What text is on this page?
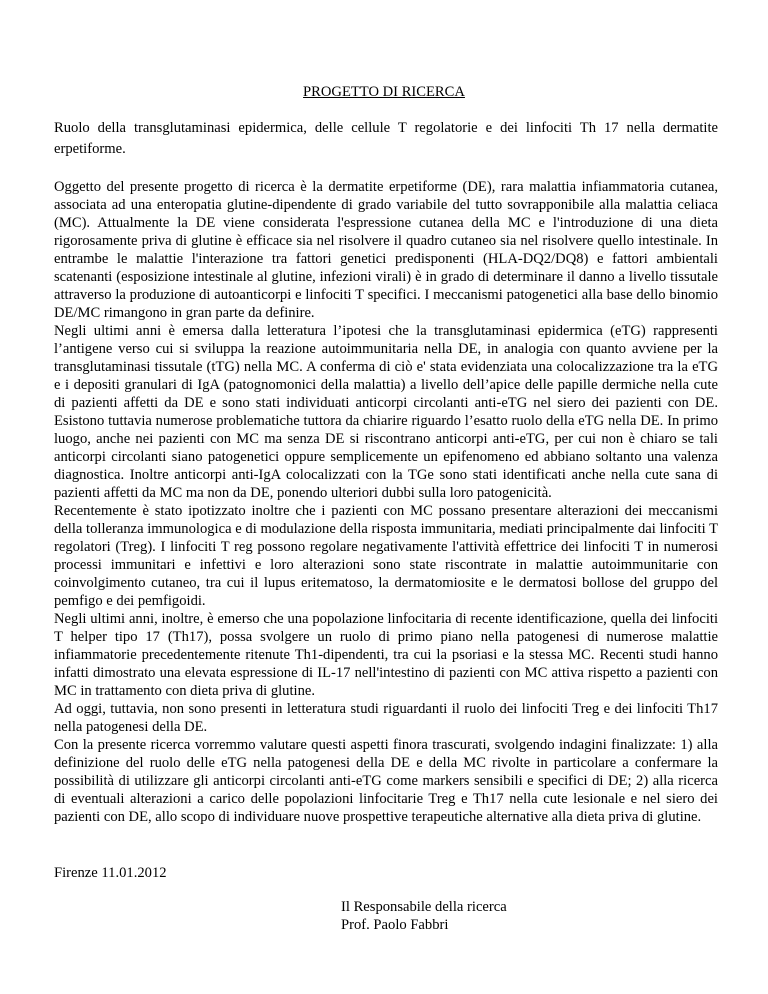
PROGETTO DI RICERCA
Ruolo della transglutaminasi epidermica, delle cellule T regolatorie e dei linfociti Th 17 nella dermatite erpetiforme.

Oggetto del presente progetto di ricerca è la dermatite erpetiforme (DE), rara malattia infiammatoria cutanea, associata ad una enteropatia glutine-dipendente di grado variabile del tutto sovrapponibile alla malattia celiaca (MC). Attualmente la DE viene considerata l'espressione cutanea della MC e l'introduzione di una dieta rigorosamente priva di glutine è efficace sia nel risolvere il quadro cutaneo sia nel risolvere quello intestinale. In entrambe le malattie l'interazione tra fattori genetici predisponenti (HLA-DQ2/DQ8) e fattori ambientali scatenanti (esposizione intestinale al glutine, infezioni virali) è in grado di determinare il danno a livello tissutale attraverso la produzione di autoanticorpi e linfociti T specifici. I meccanismi patogenetici alla base dello binomio DE/MC rimangono in gran parte da definire.

Negli ultimi anni è emersa dalla letteratura l’ipotesi che la transglutaminasi epidermica (eTG) rappresenti l’antigene verso cui si sviluppa la reazione autoimmunitaria nella DE, in analogia con quanto avviene per la transglutaminasi tissutale (tTG) nella MC. A conferma di ciò e' stata evidenziata una colocalizzazione tra la eTG e i depositi granulari di IgA (patognomonici della malattia) a livello dell’apice delle papille dermiche nella cute di pazienti affetti da DE e sono stati individuati anticorpi circolanti anti-eTG nel siero dei pazienti con DE. Esistono tuttavia numerose problematiche tuttora da chiarire riguardo l’esatto ruolo della eTG nella DE. In primo luogo, anche nei pazienti con MC ma senza DE si riscontrano anticorpi anti-eTG, per cui non è chiaro se tali anticorpi circolanti siano patogenetici oppure semplicemente un epifenomeno ed abbiano soltanto una valenza diagnostica. Inoltre anticorpi anti-IgA colocalizzati con la TGe sono stati identificati anche nella cute sana di pazienti affetti da MC ma non da DE, ponendo ulteriori dubbi sulla loro patogenicità.

Recentemente è stato ipotizzato inoltre che i pazienti con MC possano presentare alterazioni dei meccanismi della tolleranza immunologica e di modulazione della risposta immunitaria, mediati principalmente dai linfociti T regolatori (Treg). I linfociti T reg possono regolare negativamente l'attività effettrice dei linfociti T in numerosi processi immunitari e infettivi e loro alterazioni sono state riscontrate in malattie autoimmunitarie con coinvolgimento cutaneo, tra cui il lupus eritematoso, la dermatomiosite e le dermatosi bollose del gruppo del pemfigo e dei pemfigoidi.

Negli ultimi anni, inoltre, è emerso che una popolazione linfocitaria di recente identificazione, quella dei linfociti T helper tipo 17 (Th17), possa svolgere un ruolo di primo piano nella patogenesi di numerose malattie infiammatorie precedentemente ritenute Th1-dipendenti, tra cui la psoriasi e la stessa MC. Recenti studi hanno infatti dimostrato una elevata espressione di IL-17 nell'intestino di pazienti con MC attiva rispetto a pazienti con MC in trattamento con dieta priva di glutine.

Ad oggi, tuttavia, non sono presenti in letteratura studi riguardanti il ruolo dei linfociti Treg e dei linfociti Th17 nella patogenesi della DE.

Con la presente ricerca vorremmo valutare questi aspetti finora trascurati, svolgendo indagini finalizzate: 1) alla definizione del ruolo delle eTG nella patogenesi della DE e della MC rivolte in particolare a confermare la possibilità di utilizzare gli anticorpi circolanti anti-eTG come markers sensibili e specifici di DE; 2) alla ricerca di eventuali alterazioni a carico delle popolazioni linfocitarie Treg e Th17 nella cute lesionale e nel siero dei pazienti con DE, allo scopo di individuare nuove prospettive terapeutiche alternative alla dieta priva di glutine.

Firenze 11.01.2012
Il Responsabile della ricerca
Prof. Paolo Fabbri
